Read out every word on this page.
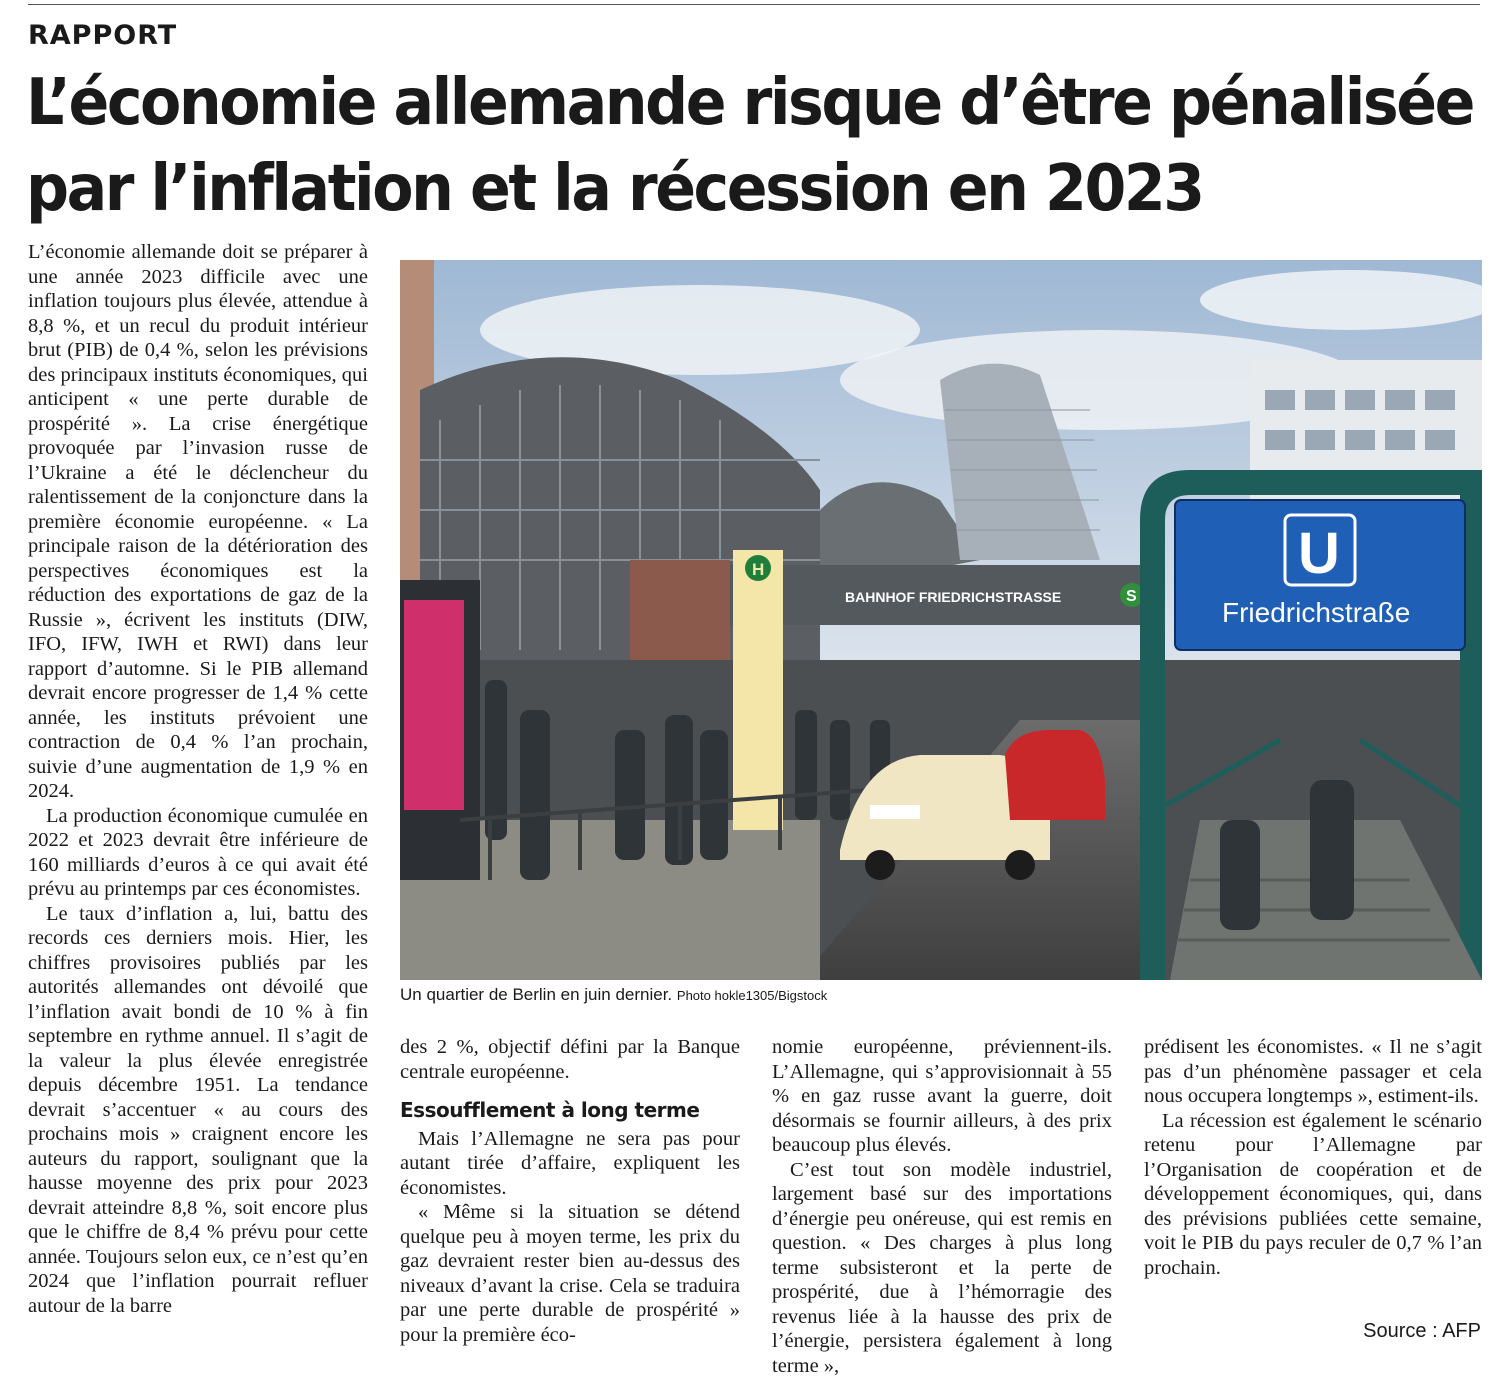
RAPPORT
L’économie allemande risque d’être pénalisée
par l’inflation et la récession en 2023

L’économie allemande doit se préparer à une année 2023 difficile avec une inflation toujours plus élevée, attendue à 8,8 %, et un recul du produit intérieur brut (PIB) de 0,4 %, selon les prévisions des principaux instituts économiques, qui anticipent « une perte durable de prospérité ». La crise énergétique provoquée par l’invasion russe de l’Ukraine a été le déclencheur du ralentissement de la conjoncture dans la première économie européenne. « La principale raison de la détérioration des perspectives économiques est la réduction des exportations de gaz de la Russie », écrivent les instituts (DIW, IFO, IFW, IWH et RWI) dans leur rapport d’automne. Si le PIB allemand devrait encore progresser de 1,4 % cette année, les instituts prévoient une contraction de 0,4 % l’an prochain, suivie d’une augmentation de 1,9 % en 2024.

La production économique cumulée en 2022 et 2023 devrait être inférieure de 160 milliards d’euros à ce qui avait été prévu au printemps par ces économistes.

Le taux d’inflation a, lui, battu des records ces derniers mois. Hier, les chiffres provisoires publiés par les autorités allemandes ont dévoilé que l’inflation avait bondi de 10 % à fin septembre en rythme annuel. Il s’agit de la valeur la plus élevée enregistrée depuis décembre 1951. La tendance devrait s’accentuer « au cours des prochains mois » craignent encore les auteurs du rapport, soulignant que la hausse moyenne des prix pour 2023 devrait atteindre 8,8 %, soit encore plus que le chiffre de 8,4 % prévu pour cette année. Toujours selon eux, ce n’est qu’en 2024 que l’inflation pourrait refluer autour de la barre

BAHNHOF FRIEDRICHSTRASSE	S
H	U
Friedrichstraße
Un quartier de Berlin en juin dernier. Photo hokle1305/Bigstock

des 2 %, objectif défini par la Banque centrale européenne.

Essoufflement à long terme

Mais l’Allemagne ne sera pas pour autant tirée d’affaire, expliquent les économistes.

« Même si la situation se détend quelque peu à moyen terme, les prix du gaz devraient rester bien au-dessus des niveaux d’avant la crise. Cela se traduira par une perte durable de prospérité » pour la première éco-

nomie européenne, préviennent-ils. L’Allemagne, qui s’approvisionnait à 55 % en gaz russe avant la guerre, doit désormais se fournir ailleurs, à des prix beaucoup plus élevés.

C’est tout son modèle industriel, largement basé sur des importations d’énergie peu onéreuse, qui est remis en question. « Des charges à plus long terme subsisteront et la perte de prospérité, due à l’hémorragie des revenus liée à la hausse des prix de l’énergie, persistera également à long terme »,

prédisent les économistes. « Il ne s’agit pas d’un phénomène passager et cela nous occupera longtemps », estiment-ils.

La récession est également le scénario retenu pour l’Allemagne par l’Organisation de coopération et de développement économiques, qui, dans des prévisions publiées cette semaine, voit le PIB du pays reculer de 0,7 % l’an prochain.

Source : AFP
